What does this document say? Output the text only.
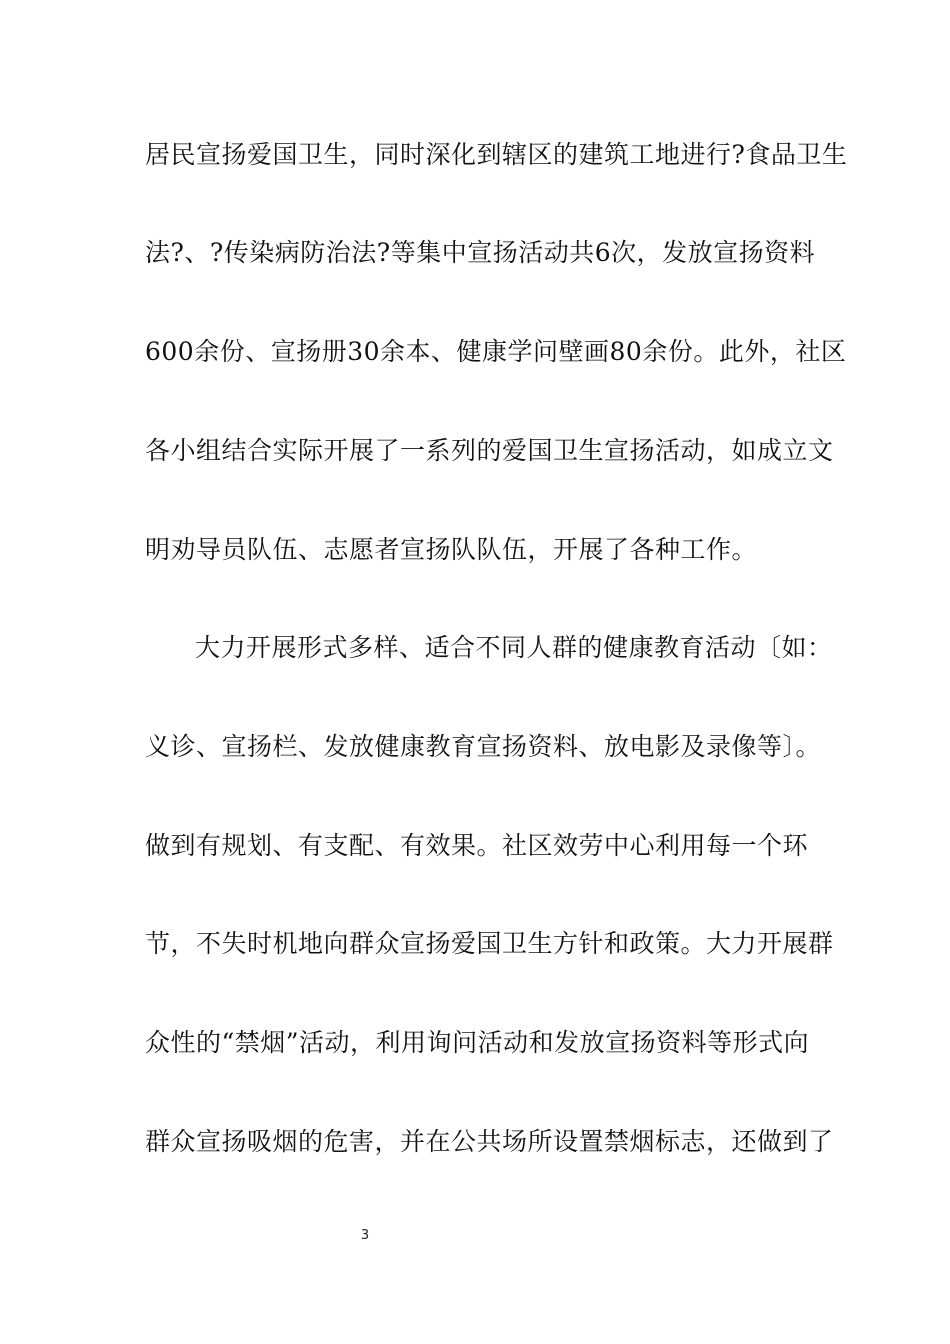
居民宣扬爱国卫生，同时深化到辖区的建筑工地进行?食品卫生
法?、?传染病防治法?等集中宣扬活动共6次，发放宣扬资料
600余份、宣扬册30余本、健康学问壁画80余份。此外，社区
各小组结合实际开展了一系列的爱国卫生宣扬活动，如成立文
明劝导员队伍、志愿者宣扬队队伍，开展了各种工作。
大力开展形式多样、适合不同人群的健康教育活动〔如：
义诊、宣扬栏、发放健康教育宣扬资料、放电影及录像等〕。
做到有规划、有支配、有效果。社区效劳中心利用每一个环
节，不失时机地向群众宣扬爱国卫生方针和政策。大力开展群
众性的“禁烟”活动，利用询问活动和发放宣扬资料等形式向
群众宣扬吸烟的危害，并在公共场所设置禁烟标志，还做到了
3
